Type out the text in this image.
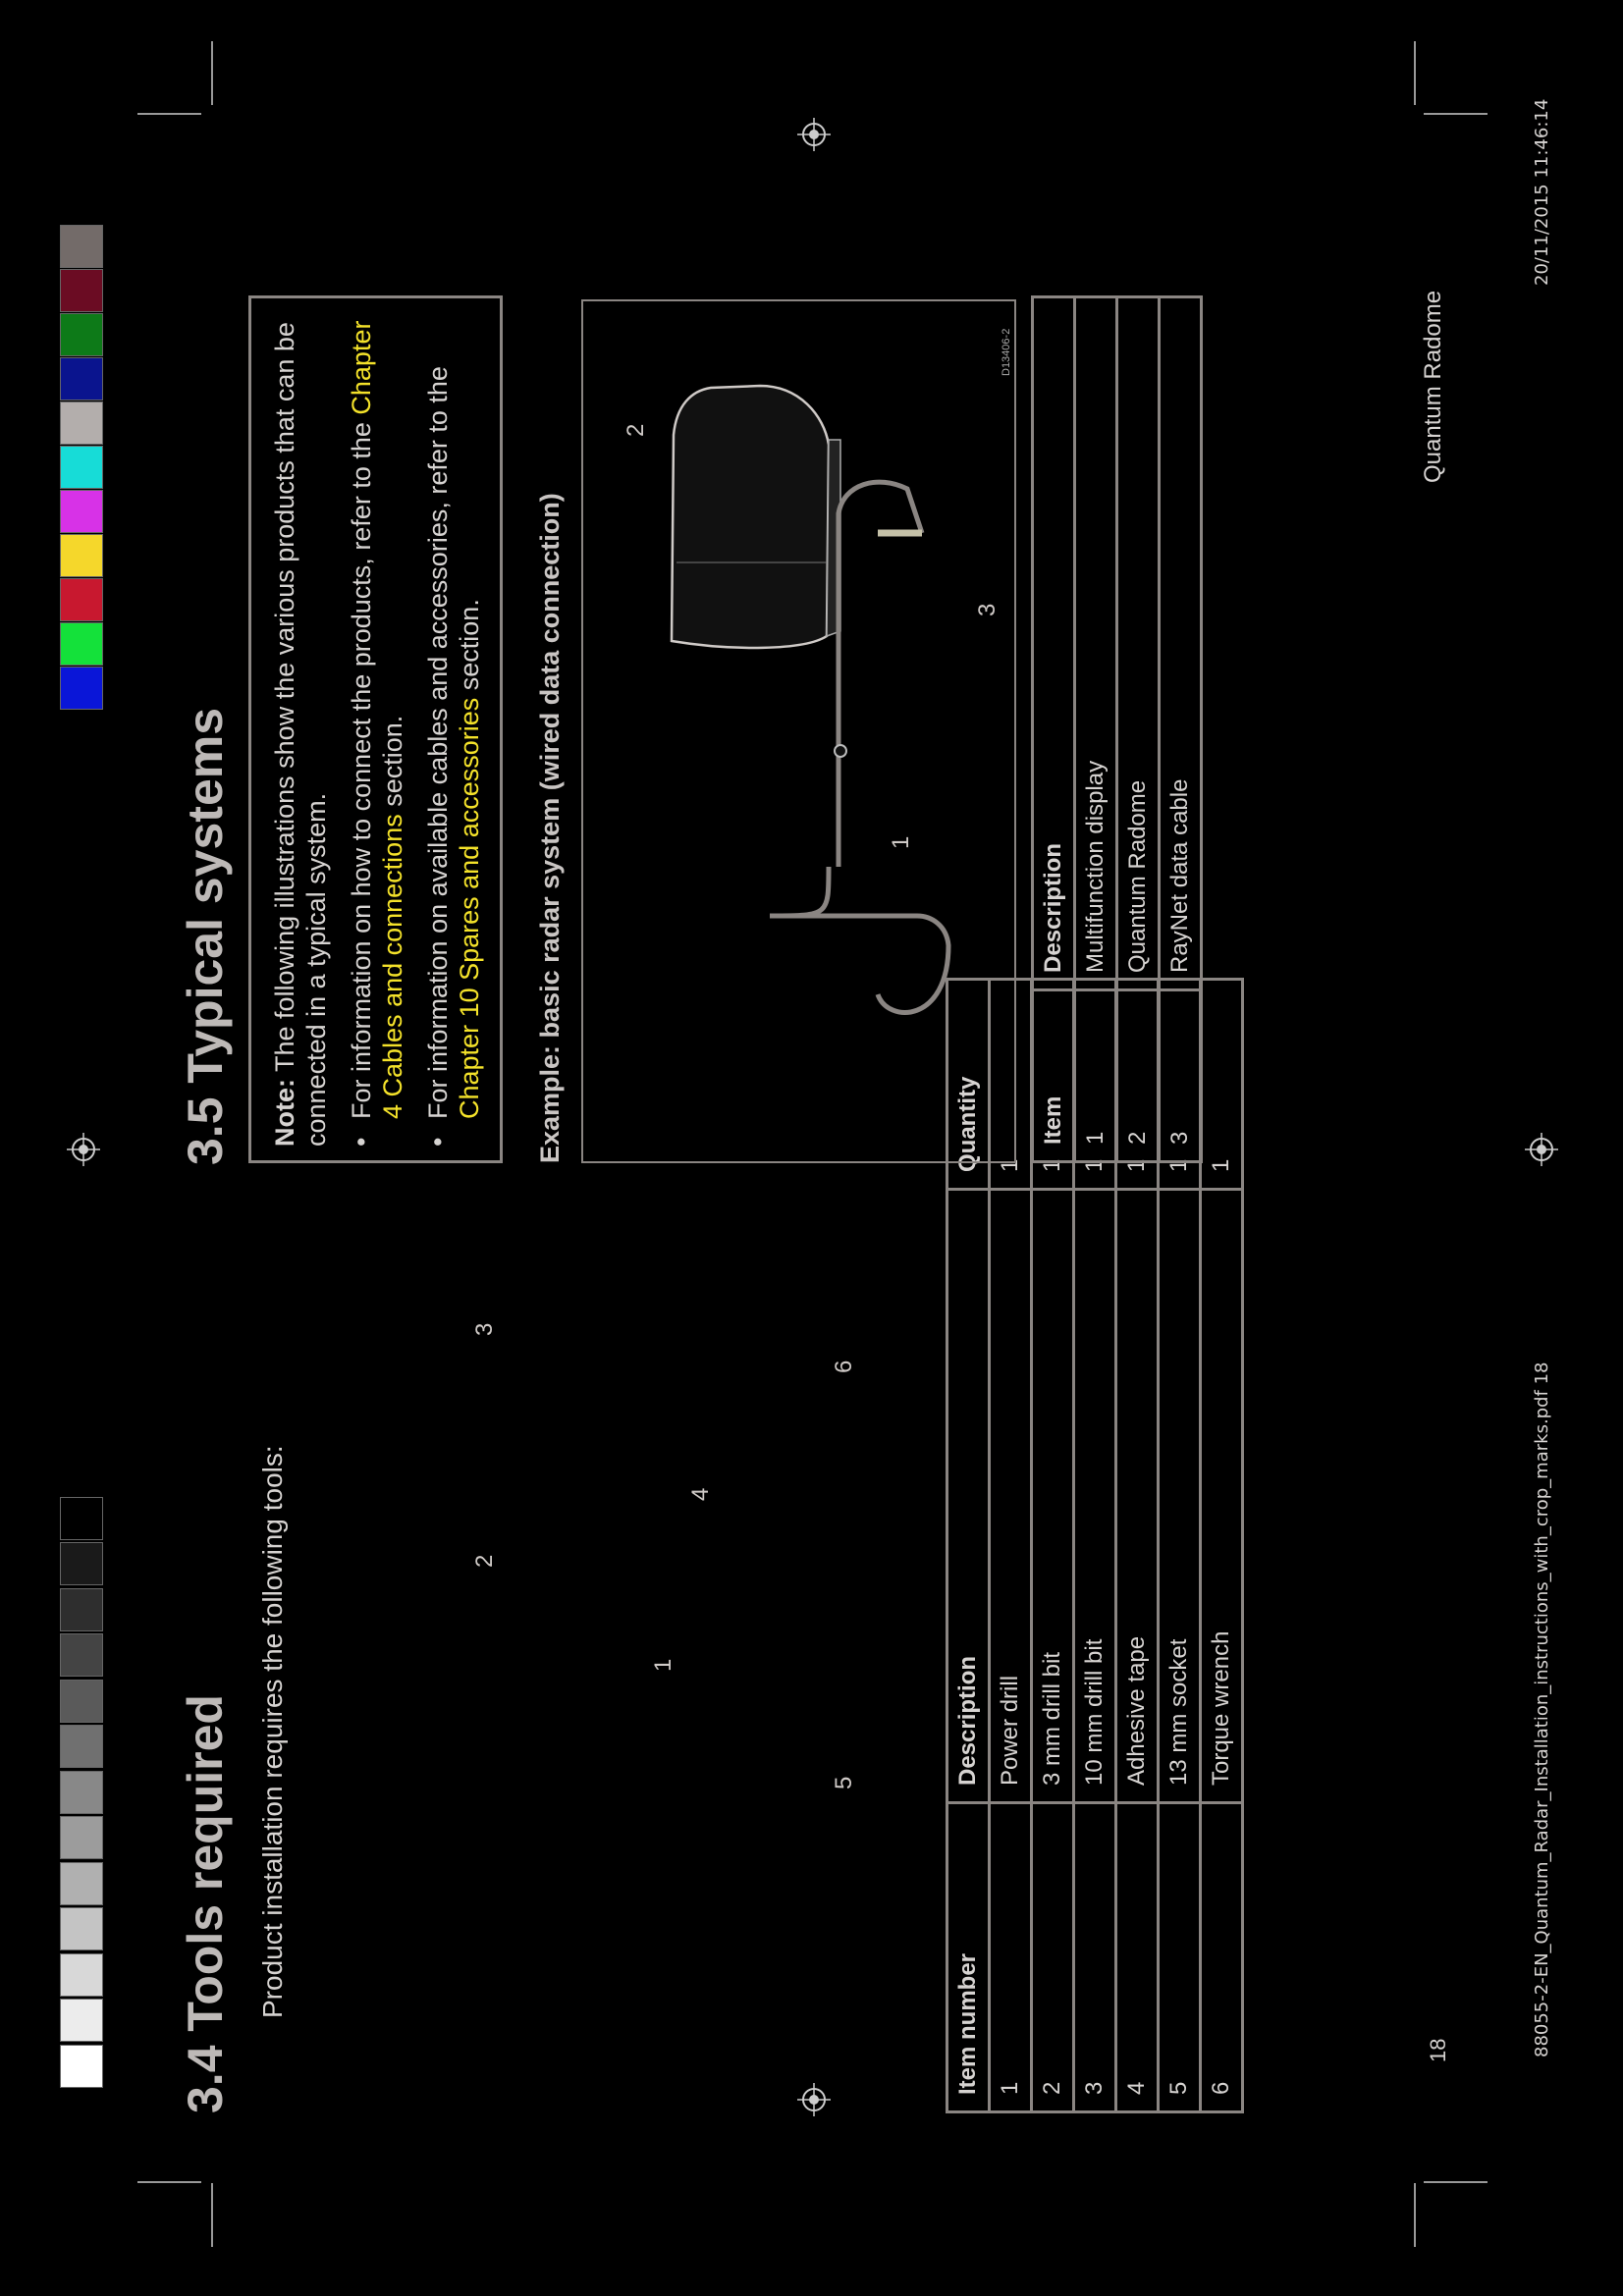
3.4 Tools required Product installation requires the following tools:	1
2
3
4
5
6
Item number	Description	Quantity
1	Power drill	1
2	3 mm drill bit	1
3	10 mm drill bit	1
4	Adhesive tape	1
5	13 mm socket	1
6	Torque wrench	1
3.5 Typical systems Note: The following illustrations show the various products that can be connected in a typical system. •
For information on how to connect the products, refer to the Chapter 4 Cables and connections section.
•
For information on available cables and accessories, refer to the Chapter 10 Spares and accessories section. Example: basic radar system (wired data connection)	1
2
3
D13406-2
Item	Description
1	Multifunction display
2	Quantum Radome
3	RayNet data cable
18
Quantum Radome
88055-2-EN_Quantum_Radar_Installation_instructions_with_crop_marks.pdf 18
20/11/2015 11:46:14
